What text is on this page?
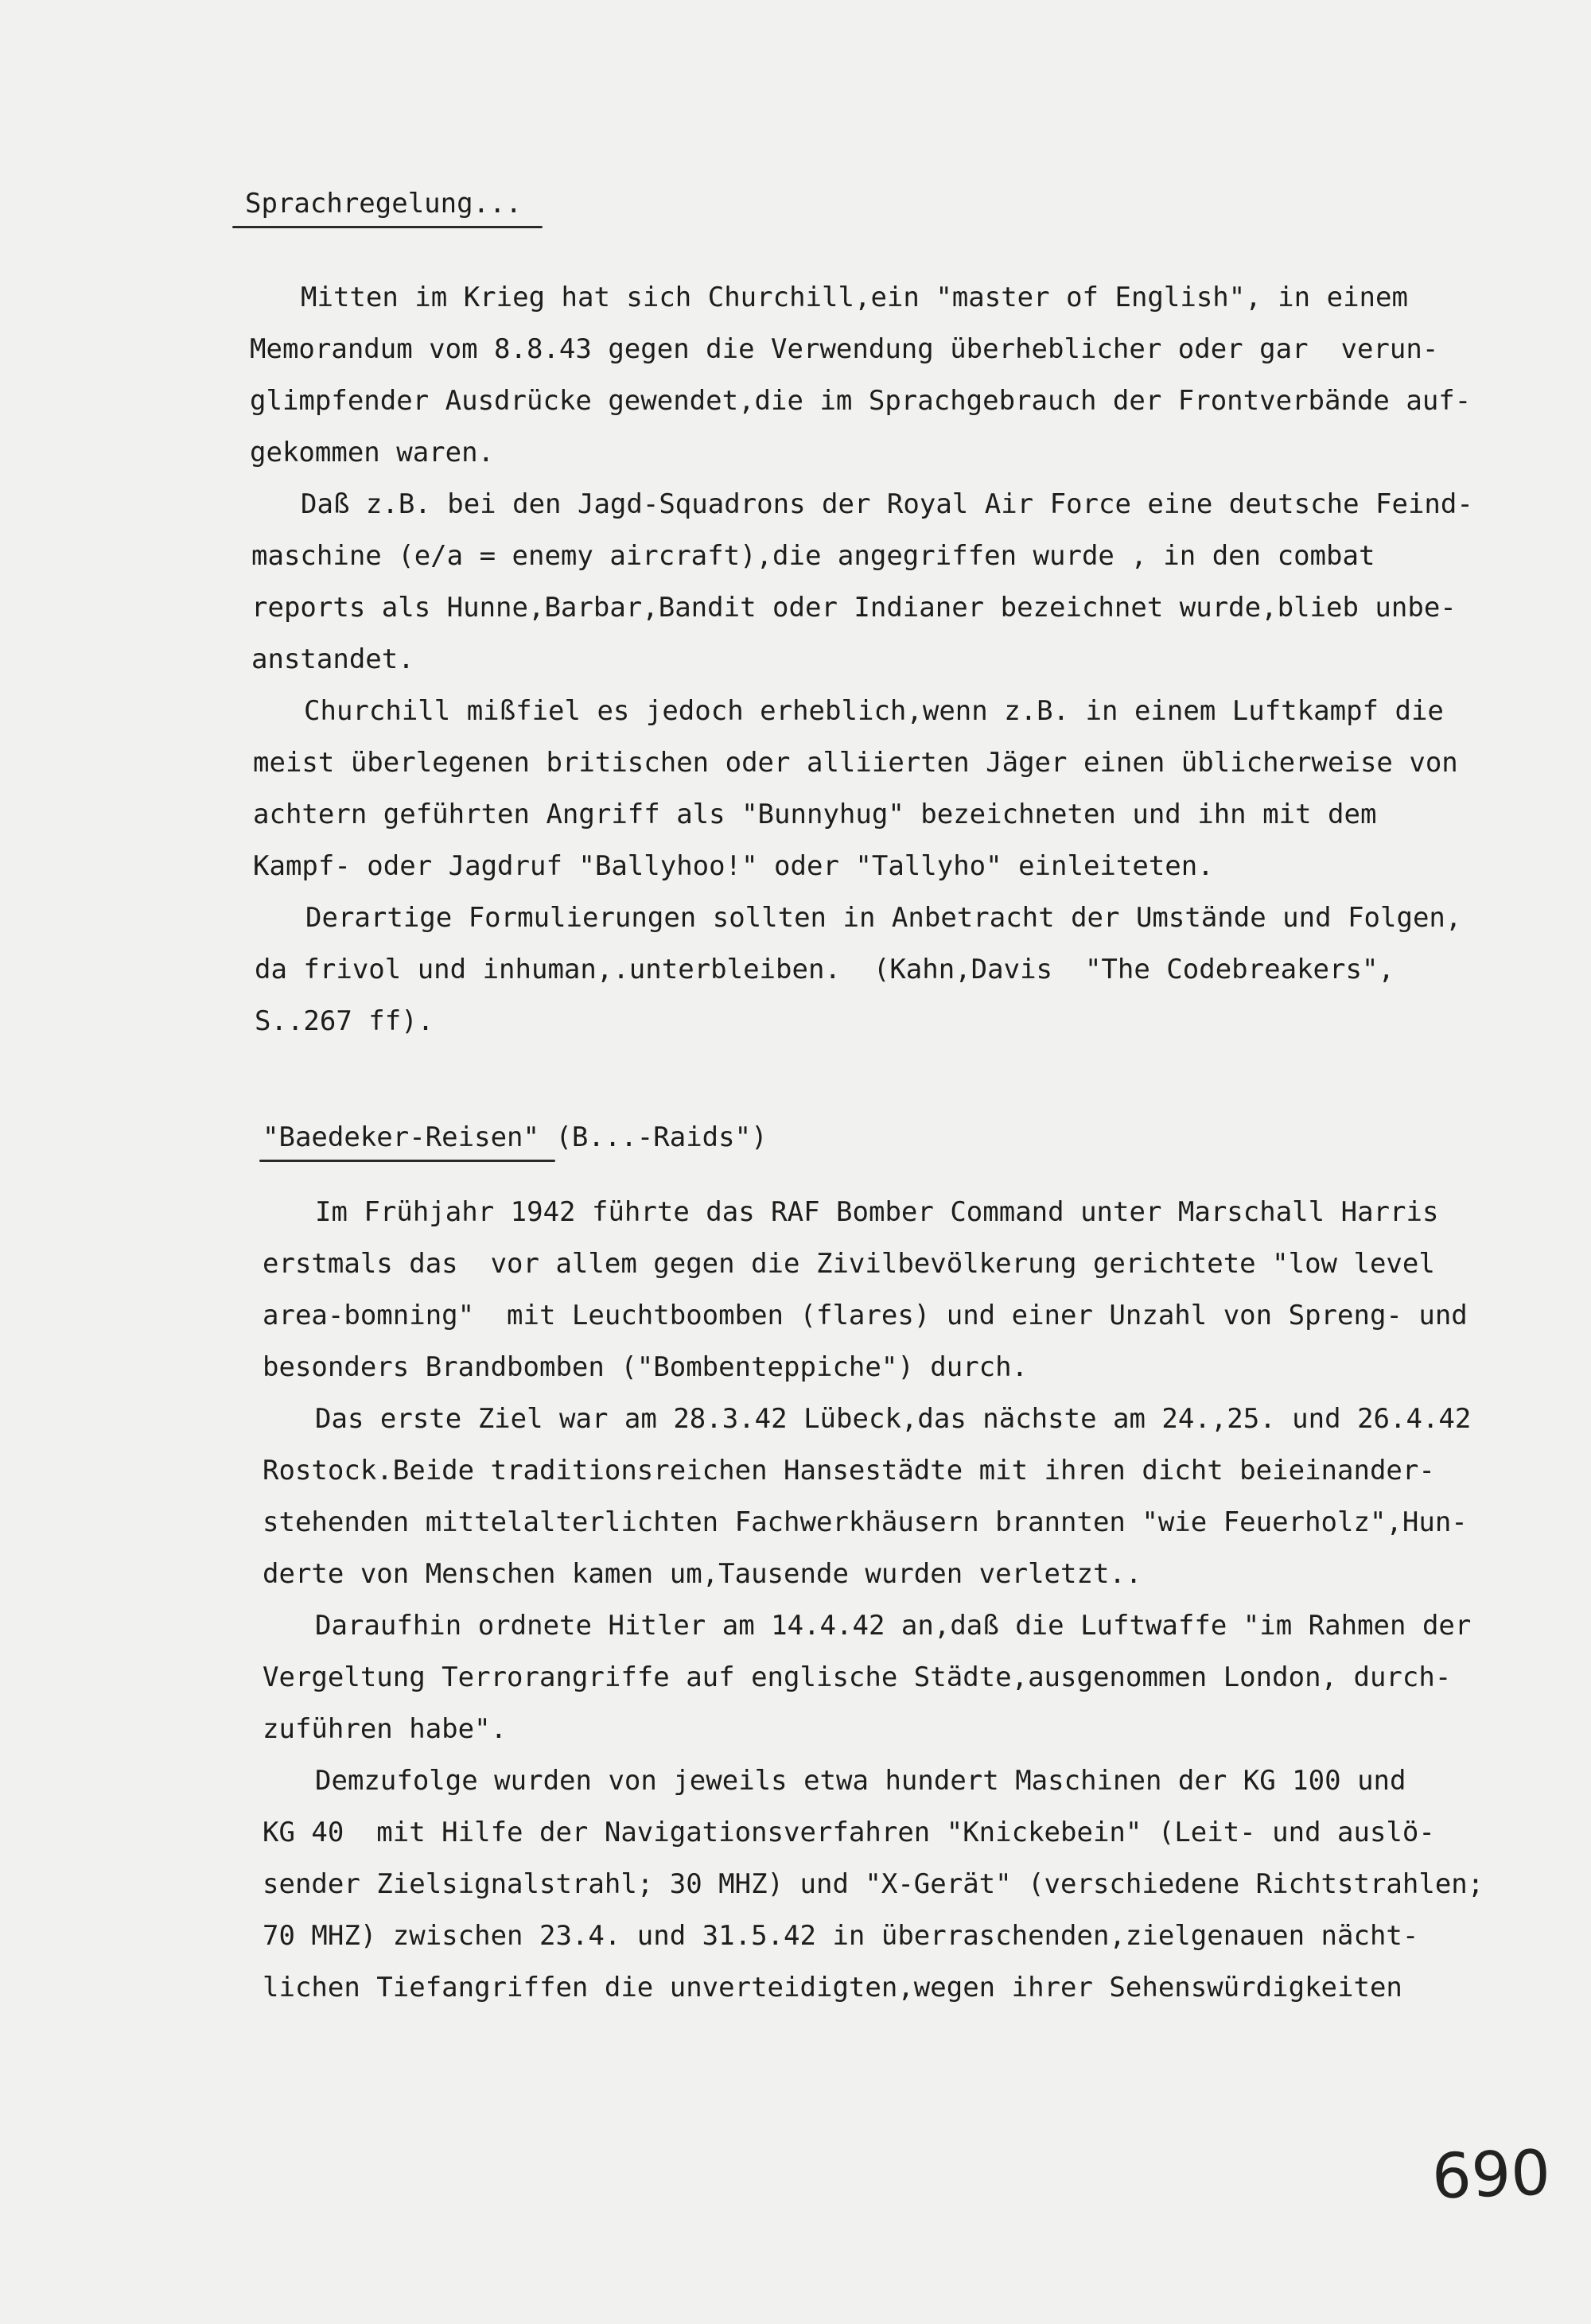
Sprachregelung...
Mitten im Krieg hat sich Churchill,ein "master of English", in einem
Memorandum vom 8.8.43 gegen die Verwendung überheblicher oder gar  verun-
glimpfender Ausdrücke gewendet,die im Sprachgebrauch der Frontverbände auf-
gekommen waren.
Daß z.B. bei den Jagd-Squadrons der Royal Air Force eine deutsche Feind-
maschine (e/a = enemy aircraft),die angegriffen wurde , in den combat
reports als Hunne,Barbar,Bandit oder Indianer bezeichnet wurde,blieb unbe-
anstandet.
Churchill mißfiel es jedoch erheblich,wenn z.B. in einem Luftkampf die
meist überlegenen britischen oder alliierten Jäger einen üblicherweise von
achtern geführten Angriff als "Bunnyhug" bezeichneten und ihn mit dem
Kampf- oder Jagdruf "Ballyhoo!" oder "Tallyho" einleiteten.
Derartige Formulierungen sollten in Anbetracht der Umstände und Folgen,
da frivol und inhuman,.unterbleiben.  (Kahn,Davis  "The Codebreakers",
S..267 ff).
"Baedeker-Reisen" (B...-Raids")
Im Frühjahr 1942 führte das RAF Bomber Command unter Marschall Harris
erstmals das  vor allem gegen die Zivilbevölkerung gerichtete "low level
area-bomning"  mit Leuchtboomben (flares) und einer Unzahl von Spreng- und
besonders Brandbomben ("Bombenteppiche") durch.
Das erste Ziel war am 28.3.42 Lübeck,das nächste am 24.,25. und 26.4.42
Rostock.Beide traditionsreichen Hansestädte mit ihren dicht beieinander-
stehenden mittelalterlichten Fachwerkhäusern brannten "wie Feuerholz",Hun-
derte von Menschen kamen um,Tausende wurden verletzt..
Daraufhin ordnete Hitler am 14.4.42 an,daß die Luftwaffe "im Rahmen der
Vergeltung Terrorangriffe auf englische Städte,ausgenommen London, durch-
zuführen habe".
Demzufolge wurden von jeweils etwa hundert Maschinen der KG 100 und
KG 40  mit Hilfe der Navigationsverfahren "Knickebein" (Leit- und auslö-
sender Zielsignalstrahl; 30 MHZ) und "X-Gerät" (verschiedene Richtstrahlen;
70 MHZ) zwischen 23.4. und 31.5.42 in überraschenden,zielgenauen nächt-
lichen Tiefangriffen die unverteidigten,wegen ihrer Sehenswürdigkeiten
690
